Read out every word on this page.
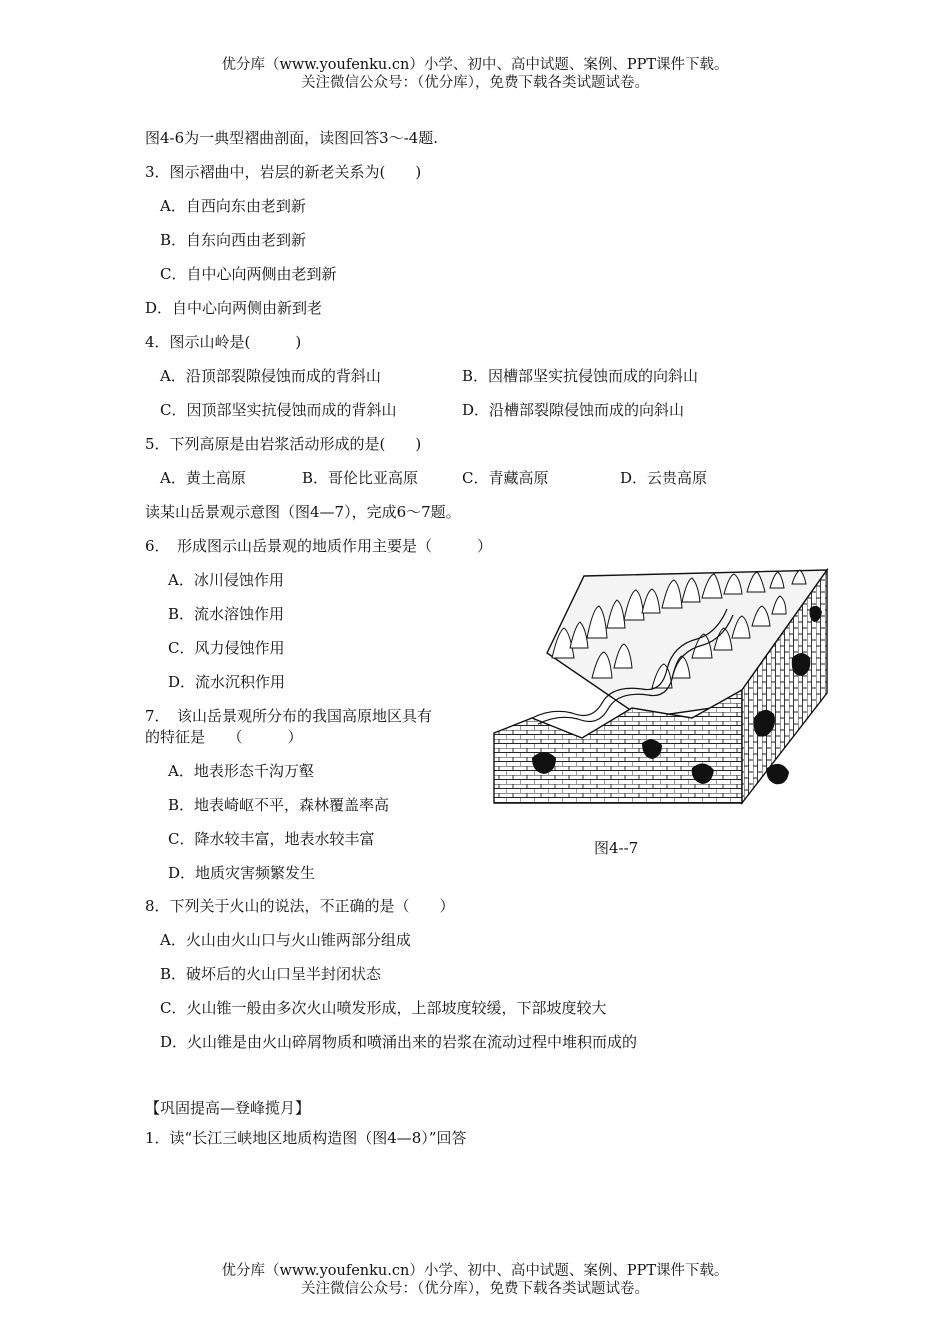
优分库（www.youfenku.cn）小学、初中、高中试题、案例、PPT课件下载。
关注微信公众号：（优分库），免费下载各类试题试卷。
图4-6为一典型褶曲剖面，读图回答3～-4题.
3．图示褶曲中，岩层的新老关系为(　　)
A．自西向东由老到新
B．自东向西由老到新
C．自中心向两侧由老到新
D．自中心向两侧由新到老
4．图示山岭是(　　　)
A．沿顶部裂隙侵蚀而成的背斜山	B．因槽部坚实抗侵蚀而成的向斜山
C．因顶部坚实抗侵蚀而成的背斜山	D．沿槽部裂隙侵蚀而成的向斜山
5．下列高原是由岩浆活动形成的是(　　)
A．黄土高原	B．哥伦比亚高原	C．青藏高原	D．云贵高原
读某山岳景观示意图（图4—7），完成6～7题。
6．　形成图示山岳景观的地质作用主要是（　　　）
A．冰川侵蚀作用
B．流水溶蚀作用
C．风力侵蚀作用
D．流水沉积作用
7．　该山岳景观所分布的我国高原地区具有
的特征是　　（　　　）
A．地表形态千沟万壑
B．地表崎岖不平，森林覆盖率高
C．降水较丰富，地表水较丰富
D．地质灾害频繁发生
图4--7
8．下列关于火山的说法，不正确的是（　　）
A．火山由火山口与火山锥两部分组成
B．破坏后的火山口呈半封闭状态
C．火山锥一般由多次火山喷发形成，上部坡度较缓，下部坡度较大
D．火山锥是由火山碎屑物质和喷涌出来的岩浆在流动过程中堆积而成的
【巩固提高—登峰揽月】
1．读“长江三峡地区地质构造图（图4—8）”回答
优分库（www.youfenku.cn）小学、初中、高中试题、案例、PPT课件下载。
关注微信公众号：（优分库），免费下载各类试题试卷。
